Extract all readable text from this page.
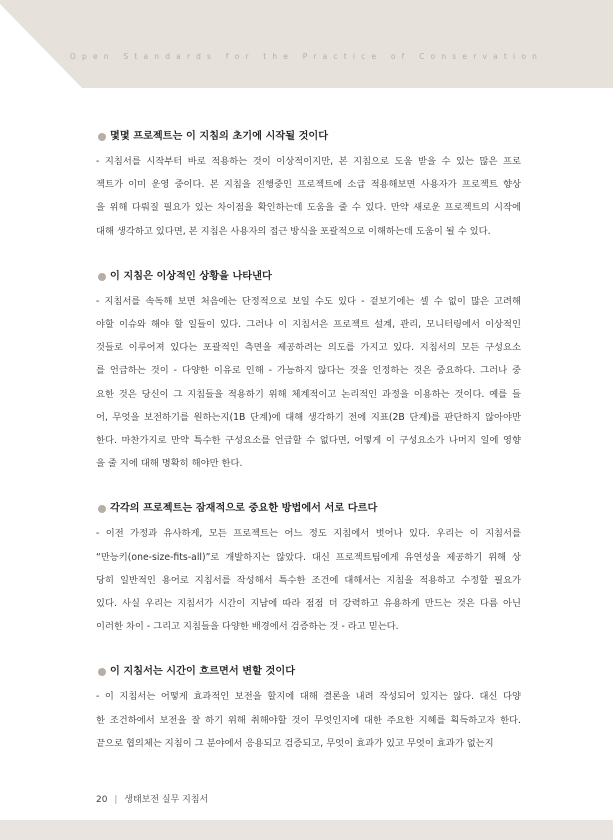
Open Standards for the Practice of Conservation
몇몇 프로젝트는 이 지침의 초기에 시작될 것이다
- 지침서를 시작부터 바로 적용하는 것이 이상적이지만, 본 지침으로 도움 받을 수 있는 많은 프로
젝트가 이미 운영 중이다. 본 지침을 진행중인 프로젝트에 소급 적용해보면 사용자가 프로젝트 향상
을 위해 다뤄질 필요가 있는 차이점을 확인하는데 도움을 줄 수 있다. 만약 새로운 프로젝트의 시작에
대해 생각하고 있다면, 본 지침은 사용자의 접근 방식을 포괄적으로 이해하는데 도움이 될 수 있다.
이 지침은 이상적인 상황을 나타낸다
- 지침서를 속독해 보면 처음에는 단정적으로 보일 수도 있다 - 겉보기에는 셀 수 없이 많은 고려해
야할 이슈와 해야 할 일들이 있다. 그러나 이 지침서은 프로젝트 설계, 관리, 모니터링에서 이상적인
것들로 이루어져 있다는 포괄적인 측면을 제공하려는 의도를 가지고 있다. 지침서의 모든 구성요소
를 언급하는 것이 - 다양한 이유로 인해 - 가능하지 않다는 것을 인정하는 것은 중요하다. 그러나 중
요한 것은 당신이 그 지침들을 적용하기 위해 체계적이고 논리적인 과정을 이용하는 것이다. 예를 들
어, 무엇을 보전하기를 원하는지(1B 단계)에 대해 생각하기 전에 지표(2B 단계)를 판단하지 않아야만
한다. 마찬가지로 만약 특수한 구성요소를 언급할 수 없다면, 어떻게 이 구성요소가 나머지 일에 영향
을 줄 지에 대해 명확히 해야만 한다.
각각의 프로젝트는 잠재적으로 중요한 방법에서 서로 다르다
- 이전 가정과 유사하게, 모든 프로젝트는 어느 정도 지침에서 벗어나 있다. 우리는 이 지침서를
“만능키(one-size-fits-all)”로 개발하지는 않았다. 대신 프로젝트팀에게 유연성을 제공하기 위해 상
당히 일반적인 용어로 지침서를 작성해서 특수한 조건에 대해서는 지침을 적용하고 수정할 필요가
있다. 사실 우리는 지침서가 시간이 지남에 따라 점점 더 강력하고 유용하게 만드는 것은 다름 아닌
이러한 차이 - 그리고 지침들을 다양한 배경에서 검증하는 것 - 라고 믿는다.
이 지침서는 시간이 흐르면서 변할 것이다
- 이 지침서는 어떻게 효과적인 보전을 할지에 대해 결론을 내려 작성되어 있지는 않다. 대신 다양
한 조건하에서 보전을 잘 하기 위해 취해야할 것이 무엇인지에 대한 주요한 지혜를 획득하고자 한다.
끝으로 협의체는 지침이 그 분야에서 응용되고 검증되고, 무엇이 효과가 있고 무엇이 효과가 없는지
20 | 생태보전 실무 지침서
